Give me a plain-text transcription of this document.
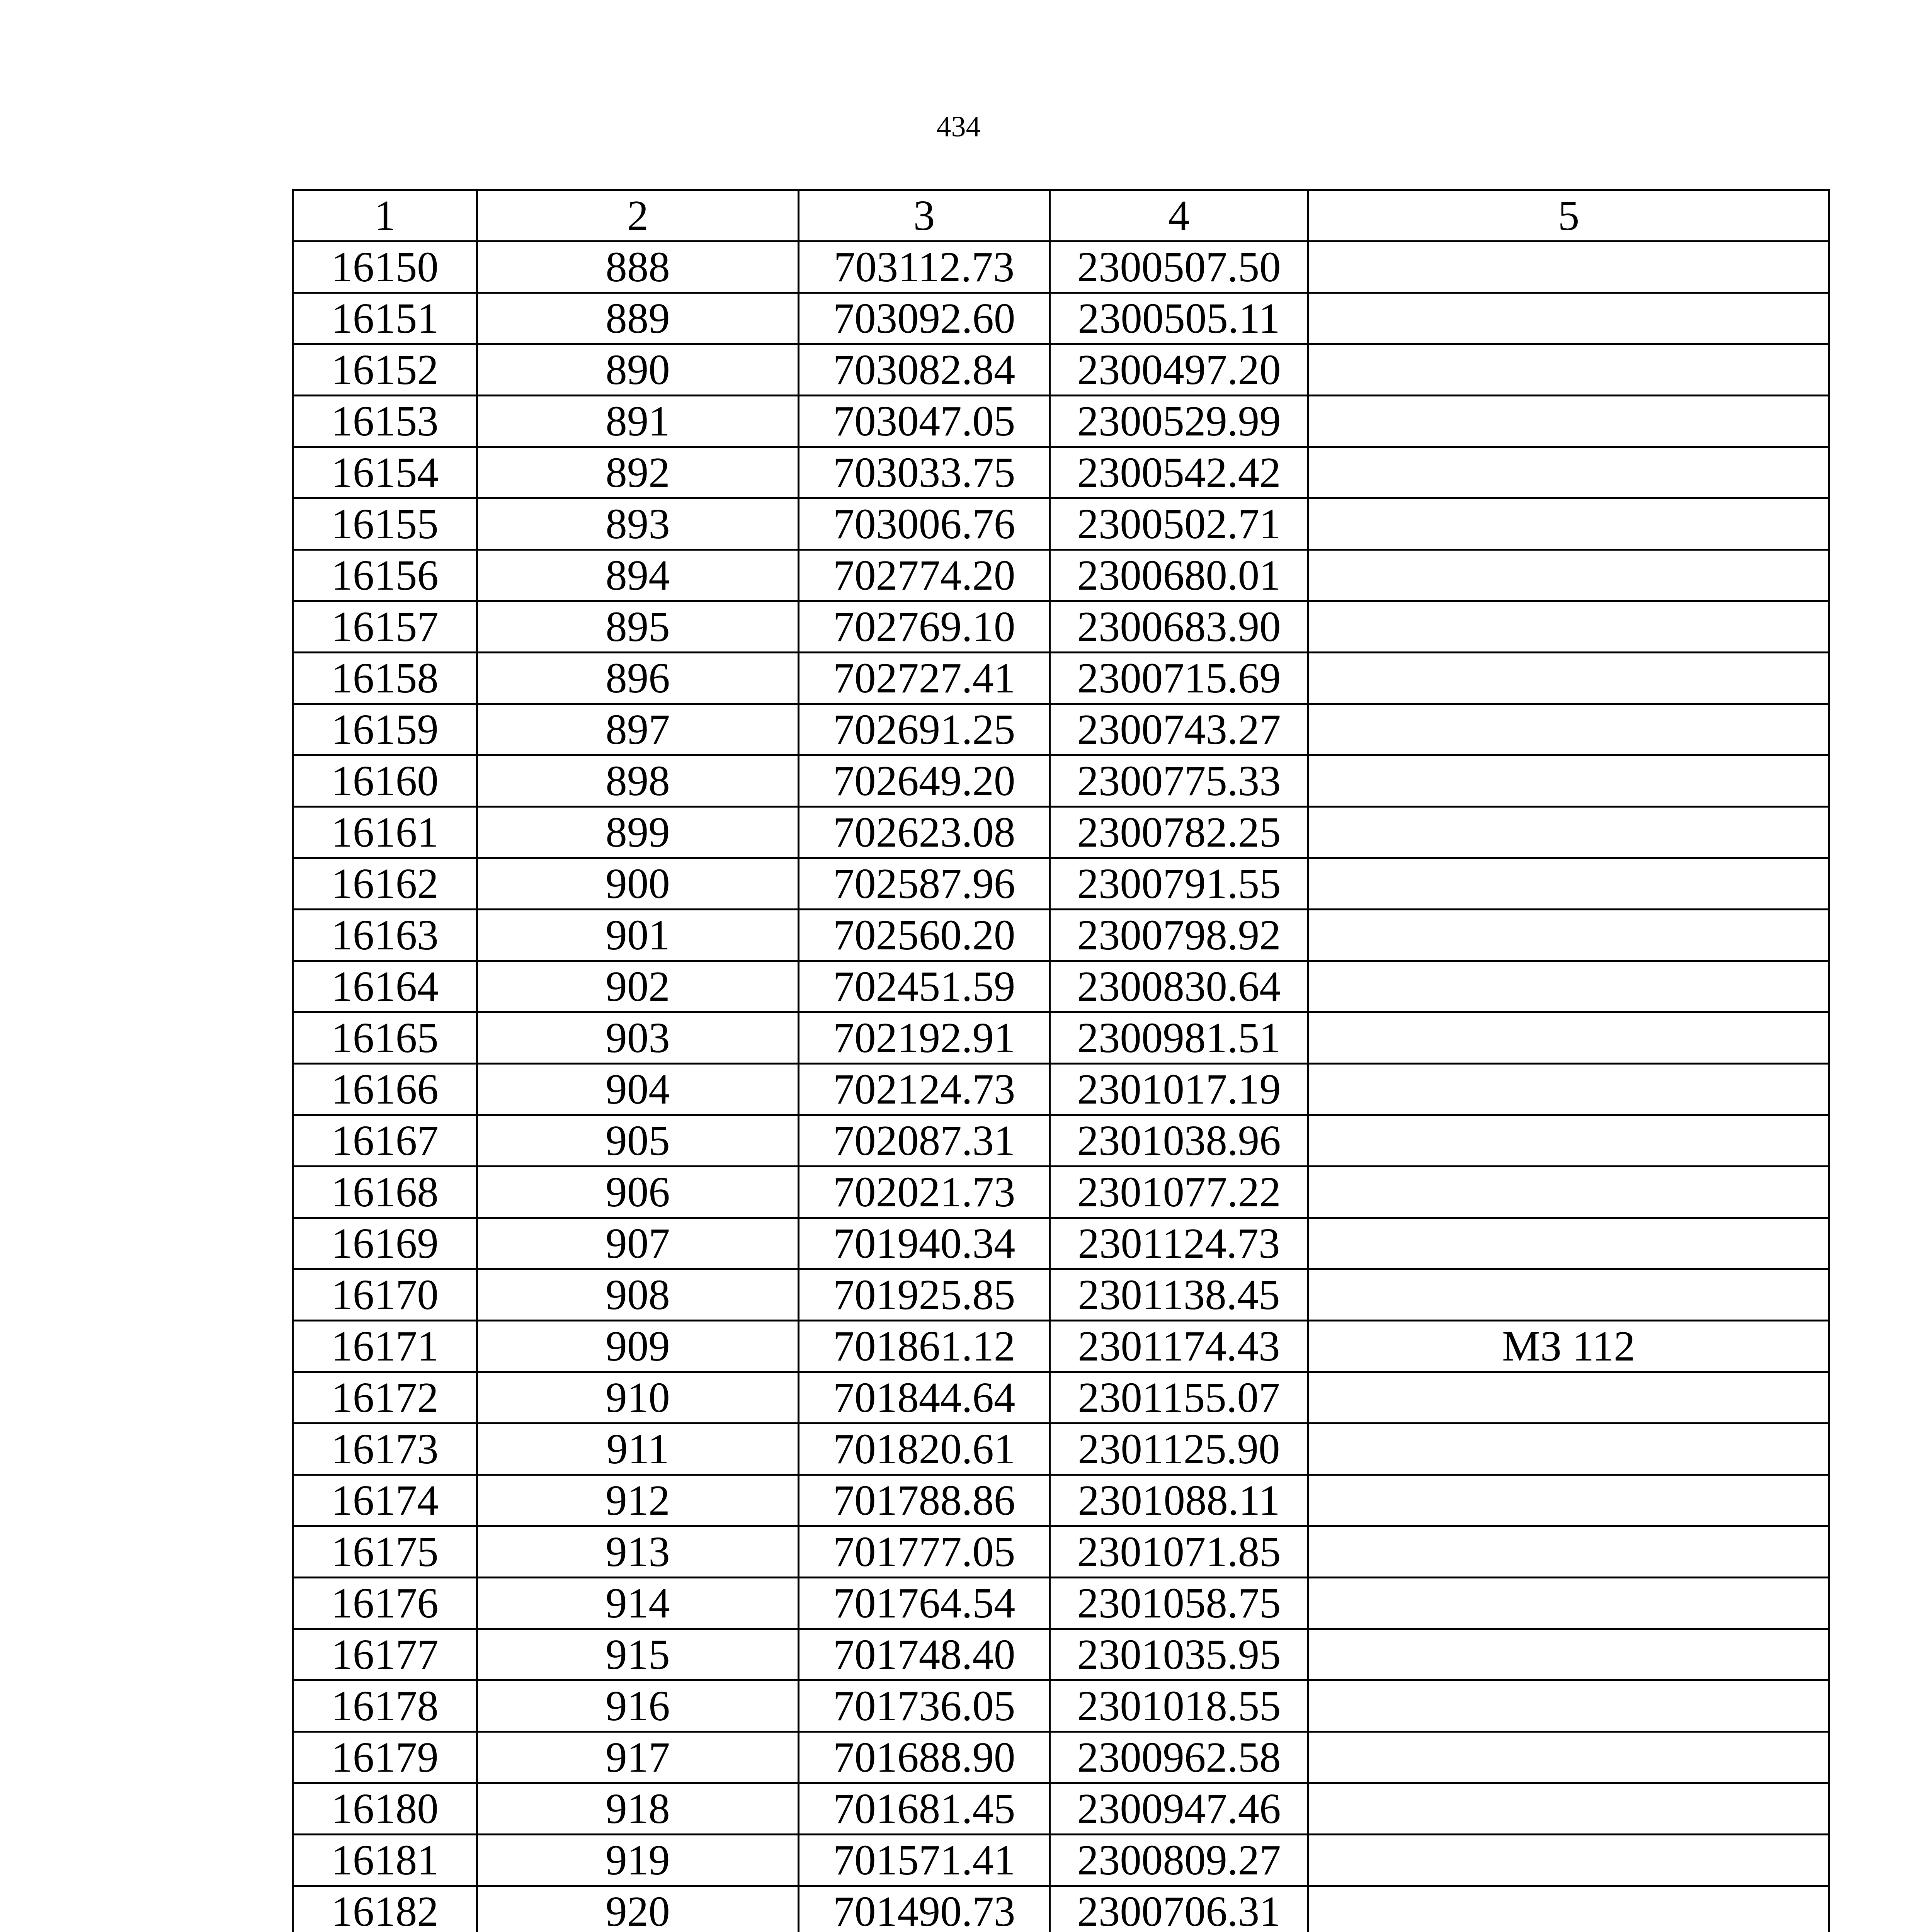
434
1	2	3	4	5
16150	888	703112.73	2300507.50	
16151	889	703092.60	2300505.11	
16152	890	703082.84	2300497.20	
16153	891	703047.05	2300529.99	
16154	892	703033.75	2300542.42	
16155	893	703006.76	2300502.71	
16156	894	702774.20	2300680.01	
16157	895	702769.10	2300683.90	
16158	896	702727.41	2300715.69	
16159	897	702691.25	2300743.27	
16160	898	702649.20	2300775.33	
16161	899	702623.08	2300782.25	
16162	900	702587.96	2300791.55	
16163	901	702560.20	2300798.92	
16164	902	702451.59	2300830.64	
16165	903	702192.91	2300981.51	
16166	904	702124.73	2301017.19	
16167	905	702087.31	2301038.96	
16168	906	702021.73	2301077.22	
16169	907	701940.34	2301124.73	
16170	908	701925.85	2301138.45	
16171	909	701861.12	2301174.43	МЗ 112
16172	910	701844.64	2301155.07	
16173	911	701820.61	2301125.90	
16174	912	701788.86	2301088.11	
16175	913	701777.05	2301071.85	
16176	914	701764.54	2301058.75	
16177	915	701748.40	2301035.95	
16178	916	701736.05	2301018.55	
16179	917	701688.90	2300962.58	
16180	918	701681.45	2300947.46	
16181	919	701571.41	2300809.27	
16182	920	701490.73	2300706.31	
